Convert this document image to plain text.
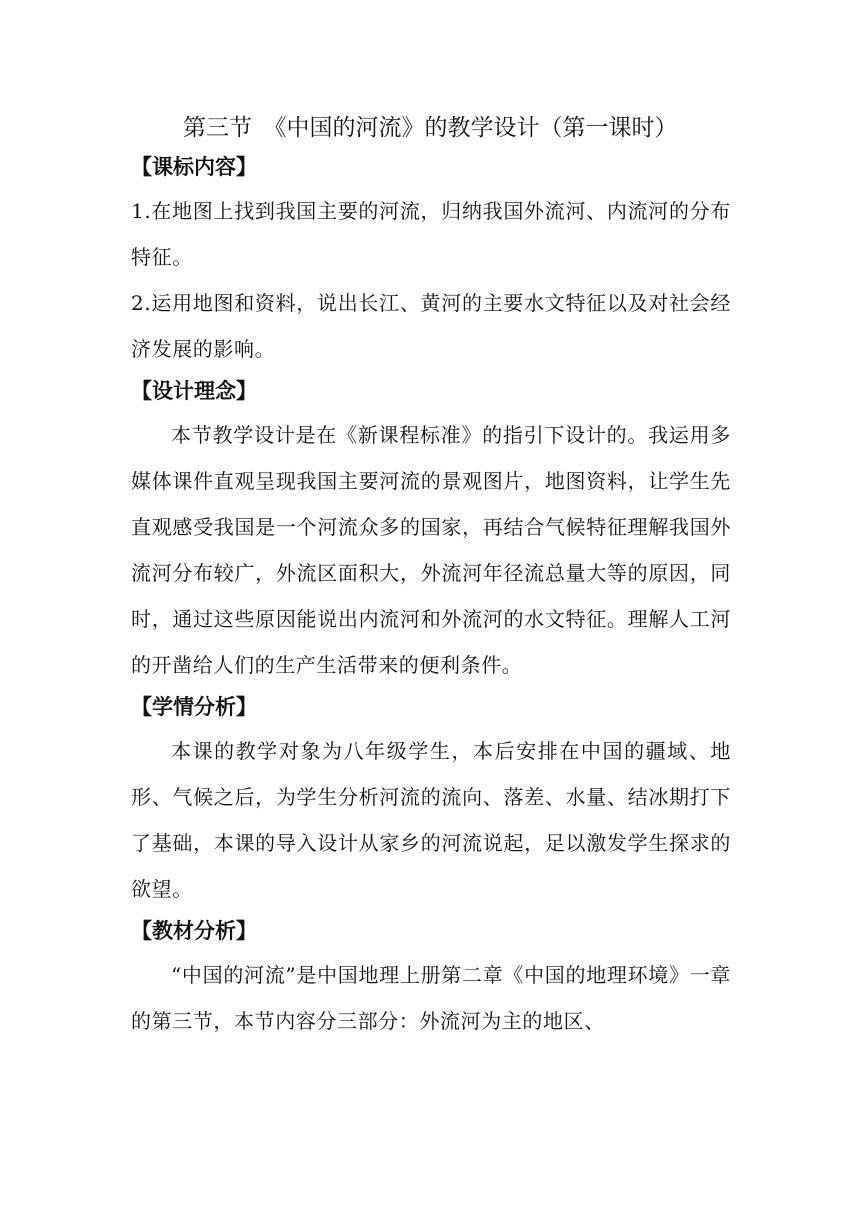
第三节　《中国的河流》的教学设计（第一课时）
【课标内容】

1.在地图上找到我国主要的河流，归纳我国外流河、内流河的分布特征。

2.运用地图和资料，说出长江、黄河的主要水文特征以及对社会经济发展的影响。

【设计理念】

本节教学设计是在《新课程标准》的指引下设计的。我运用多媒体课件直观呈现我国主要河流的景观图片，地图资料，让学生先直观感受我国是一个河流众多的国家，再结合气候特征理解我国外流河分布较广，外流区面积大，外流河年径流总量大等的原因，同时，通过这些原因能说出内流河和外流河的水文特征。理解人工河的开凿给人们的生产生活带来的便利条件。

【学情分析】

本课的教学对象为八年级学生，本后安排在中国的疆域、地形、气候之后，为学生分析河流的流向、落差、水量、结冰期打下了基础，本课的导入设计从家乡的河流说起，足以激发学生探求的欲望。

【教材分析】

“中国的河流”是中国地理上册第二章《中国的地理环境》一章的第三节，本节内容分三部分：外流河为主的地区、
